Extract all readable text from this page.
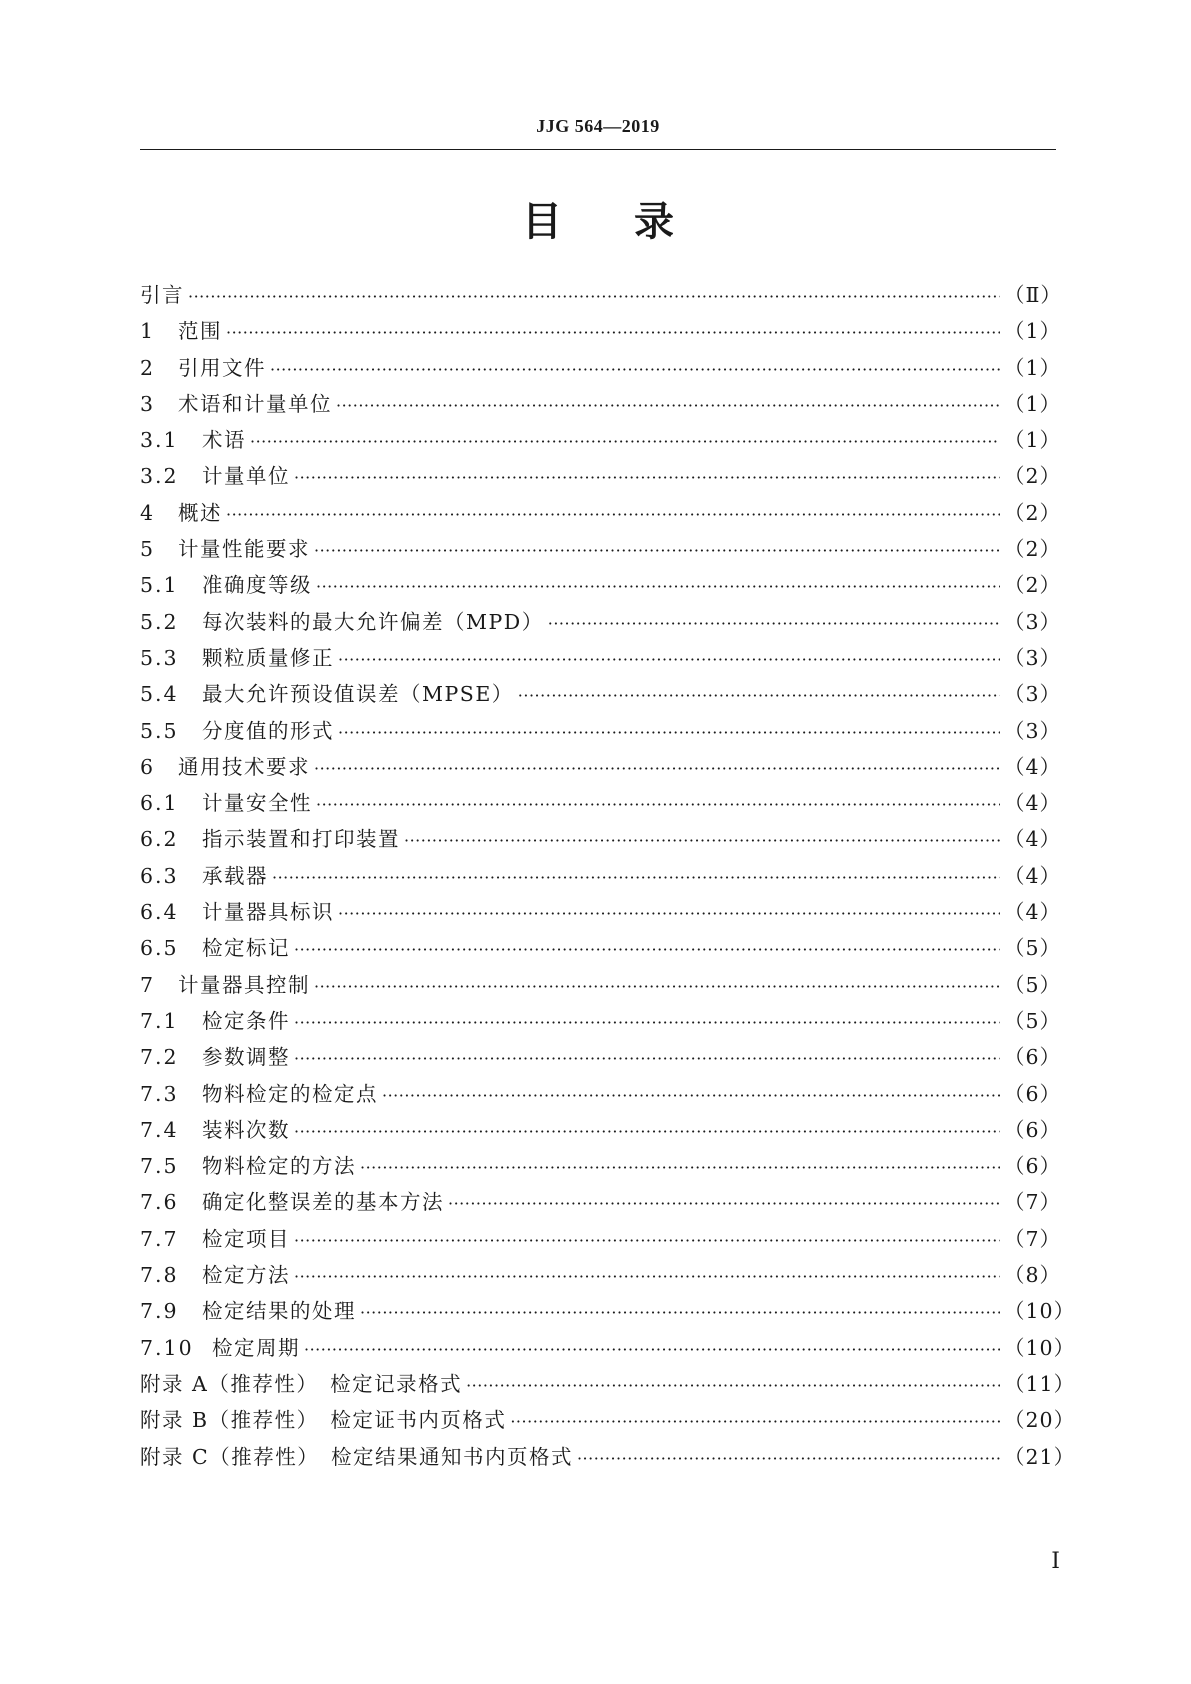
JJG 564—2019
目录
引言 ·····	（Ⅱ）
1	范围 ·····	（1）
2	引用文件 ·····	（1）
3	术语和计量单位 ·····	（1）
3.1	术语 ·····	（1）
3.2	计量单位 ·····	（2）
4	概述 ·····	（2）
5	计量性能要求 ·····	（2）
5.1	准确度等级 ·····	（2）
5.2	每次装料的最大允许偏差（MPD） ·····	（3）
5.3	颗粒质量修正 ·····	（3）
5.4	最大允许预设值误差（MPSE） ·····	（3）
5.5	分度值的形式 ·····	（3）
6	通用技术要求 ·····	（4）
6.1	计量安全性 ·····	（4）
6.2	指示装置和打印装置 ·····	（4）
6.3	承载器 ·····	（4）
6.4	计量器具标识 ·····	（4）
6.5	检定标记 ·····	（5）
7	计量器具控制 ·····	（5）
7.1	检定条件 ·····	（5）
7.2	参数调整 ·····	（6）
7.3	物料检定的检定点 ·····	（6）
7.4	装料次数 ·····	（6）
7.5	物料检定的方法 ·····	（6）
7.6	确定化整误差的基本方法 ·····	（7）
7.7	检定项目 ·····	（7）
7.8	检定方法 ·····	（8）
7.9	检定结果的处理 ·····	（10）
7.10 检定周期 ·····	（10）
附录 A（推荐性）　检定记录格式 ·····	（11）
附录 B（推荐性）　检定证书内页格式 ·····	（20）
附录 C（推荐性）　检定结果通知书内页格式 ·····	（21）
Ⅰ
